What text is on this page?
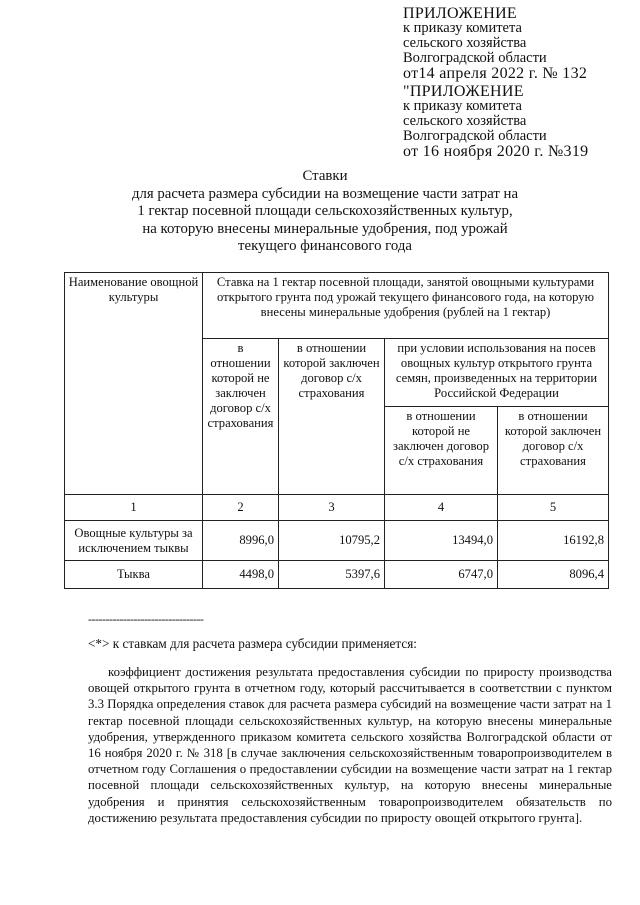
ПРИЛОЖЕНИЕ
к приказу комитета
сельского хозяйства
Волгоградской области
от14 апреля 2022 г. № 132
"ПРИЛОЖЕНИЕ
к приказу комитета
сельского хозяйства
Волгоградской области
от 16 ноября 2020 г. №319
Ставки
для расчета размера субсидии на возмещение части затрат на
1 гектар посевной площади сельскохозяйственных культур,
на которую внесены минеральные удобрения, под урожай
текущего финансового года
Наименование овощной культуры	Ставка на 1 гектар посевной площади, занятой овощными культурами открытого грунта под урожай текущего финансового года, на которую внесены минеральные удобрения (рублей на 1 гектар)			
	в отношении которой не заключен договор с/х страхования	в отношении которой заключен договор с/х страхования	при условии использования на посев овощных культур открытого грунта семян, произведенных на территории Российской Федерации	
			в отношении которой не заключен договор с/х страхования	в отношении которой заключен договор с/х страхования
1	2	3	4	5
Овощные культуры за исключением тыквы	8996,0	10795,2	13494,0	16192,8
Тыква	4498,0	5397,6	6747,0	8096,4
---------------------------------
<*> к ставкам для расчета размера субсидии применяется:
коэффициент достижения результата предоставления субсидии по приросту производства овощей открытого грунта в отчетном году, который рассчитывается в соответствии с пунктом 3.3 Порядка определения ставок для расчета размера субсидий на возмещение части затрат на 1 гектар посевной площади сельскохозяйственных культур, на которую внесены минеральные удобрения, утвержденного приказом комитета сельского хозяйства Волгоградской области от 16 ноября 2020 г. № 318 [в случае заключения сельскохозяйственным товаропроизводителем в отчетном году Соглашения о предоставлении субсидии на возмещение части затрат на 1 гектар посевной площади сельскохозяйственных культур, на которую внесены минеральные удобрения и принятия сельскохозяйственным товаропроизводителем обязательств по достижению результата предоставления субсидии по приросту овощей открытого грунта].
